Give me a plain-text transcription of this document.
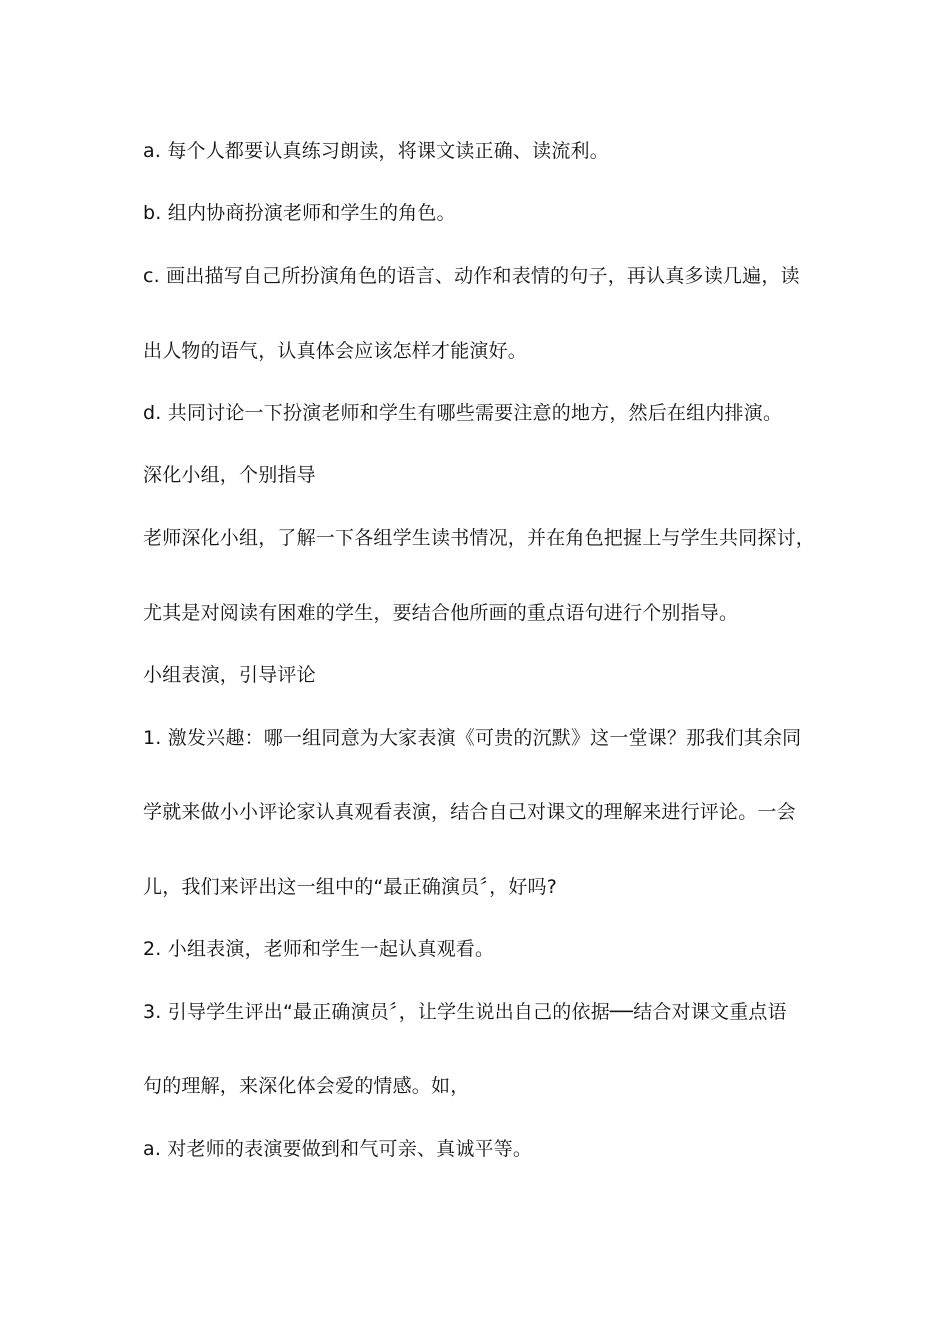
a. 每个人都要认真练习朗读，将课文读正确、读流利。
b. 组内协商扮演老师和学生的角色。
c. 画出描写自己所扮演角色的语言、动作和表情的句子，再认真多读几遍，读
出人物的语气，认真体会应该怎样才能演好。
d. 共同讨论一下扮演老师和学生有哪些需要注意的地方，然后在组内排演。
深化小组，个别指导
老师深化小组，了解一下各组学生读书情况，并在角色把握上与学生共同探讨，
尤其是对阅读有困难的学生，要结合他所画的重点语句进行个别指导。
小组表演，引导评论
1. 激发兴趣：哪一组同意为大家表演《可贵的沉默》这一堂课？那我们其余同
学就来做小小评论家认真观看表演，结合自己对课文的理解来进行评论。一会
儿，我们来评出这一组中的“最正确演员〞，好吗?
2. 小组表演，老师和学生一起认真观看。
3. 引导学生评出“最正确演员〞，让学生说出自己的依据──结合对课文重点语
句的理解，来深化体会爱的情感。如，
a. 对老师的表演要做到和气可亲、真诚平等。
